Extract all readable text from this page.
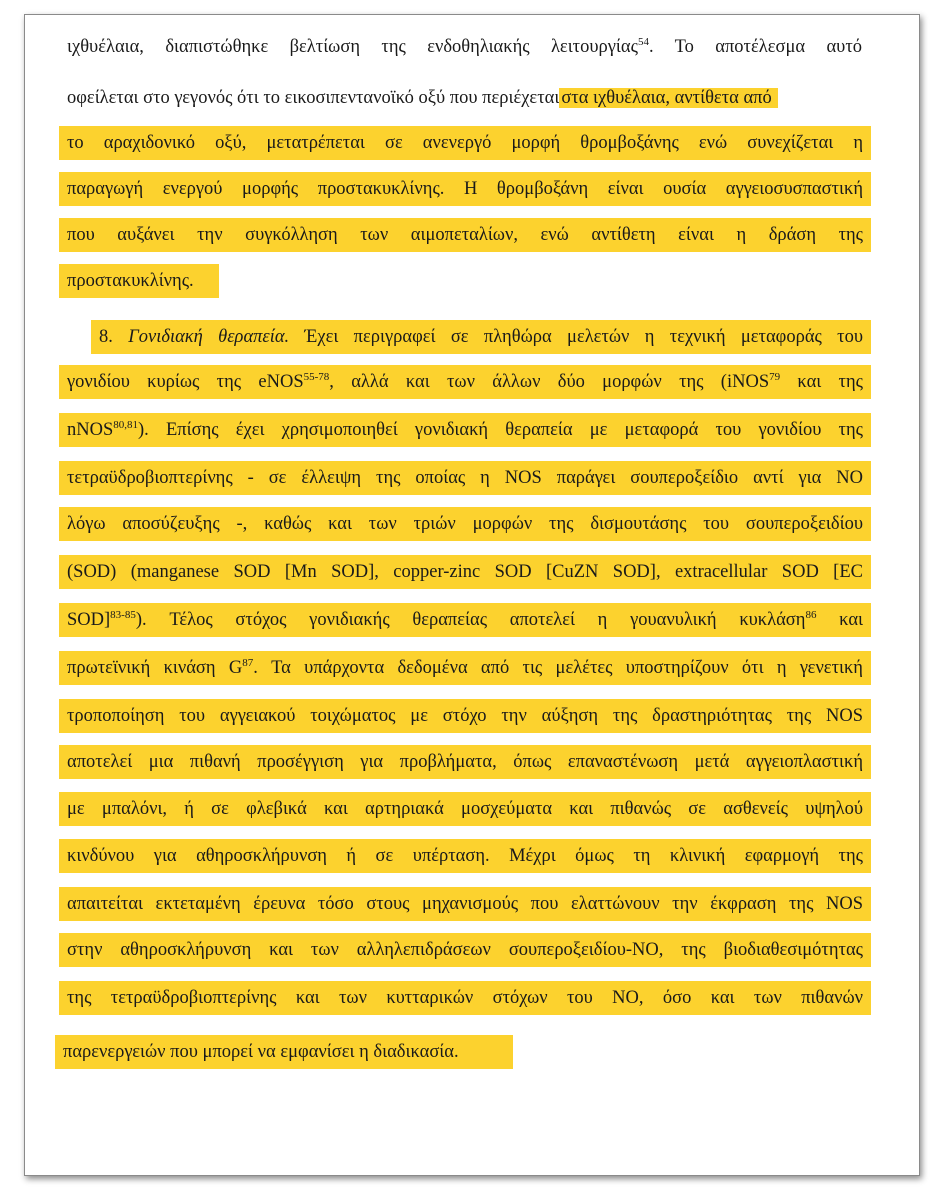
ιχθυέλαια, διαπιστώθηκε βελτίωση της ενδοθηλιακής λειτουργίας$^{54}$. Το αποτέλεσμα αυτό
οφείλεται στο γεγονός ότι το εικοσιπεντανοϊκό οξύ που περιέχεται στα ιχθυέλαια, αντίθετα από
το αραχιδονικό οξύ, μετατρέπεται σε ανενεργό μορφή θρομβοξάνης ενώ συνεχίζεται η
παραγωγή ενεργού μορφής προστακυκλίνης. Η θρομβοξάνη είναι ουσία αγγειοσυσπαστική
που αυξάνει την συγκόλληση των αιμοπεταλίων, ενώ αντίθετη είναι η δράση της
προστακυκλίνης.
8. Γονιδιακή θεραπεία. Έχει περιγραφεί σε πληθώρα μελετών η τεχνική μεταφοράς του
γονιδίου κυρίως της eNOS$^{55-78}$, αλλά και των άλλων δύο μορφών της (iNOS$^{79}$ και της
nNOS$^{80,81}$). Επίσης έχει χρησιμοποιηθεί γονιδιακή θεραπεία με μεταφορά του γονιδίου της
τετραϋδροβιοπτερίνης - σε έλλειψη της οποίας η NOS παράγει σουπεροξείδιο αντί για NO
λόγω αποσύζευξης -, καθώς και των τριών μορφών της δισμουτάσης του σουπεροξειδίου
(SOD) (manganese SOD [Mn SOD], copper-zinc SOD [CuZN SOD], extracellular SOD [EC
SOD]$^{83-85}$). Τέλος στόχος γονιδιακής θεραπείας αποτελεί η γουανυλική κυκλάση$^{86}$ και
πρωτεϊνική κινάση $G^{87}$. Τα υπάρχοντα δεδομένα από τις μελέτες υποστηρίζουν ότι η γενετική
τροποποίηση του αγγειακού τοιχώματος με στόχο την αύξηση της δραστηριότητας της NOS
αποτελεί μια πιθανή προσέγγιση για προβλήματα, όπως επαναστένωση μετά αγγειοπλαστική
με μπαλόνι, ή σε φλεβικά και αρτηριακά μοσχεύματα και πιθανώς σε ασθενείς υψηλού
κινδύνου για αθηροσκλήρυνση ή σε υπέρταση. Μέχρι όμως τη κλινική εφαρμογή της
απαιτείται εκτεταμένη έρευνα τόσο στους μηχανισμούς που ελαττώνουν την έκφραση της NOS
στην αθηροσκλήρυνση και των αλληλεπιδράσεων σουπεροξειδίου-NO, της βιοδιαθεσιμότητας
της τετραϋδροβιοπτερίνης και των κυτταρικών στόχων του NO, όσο και των πιθανών
παρενεργειών που μπορεί να εμφανίσει η διαδικασία.
